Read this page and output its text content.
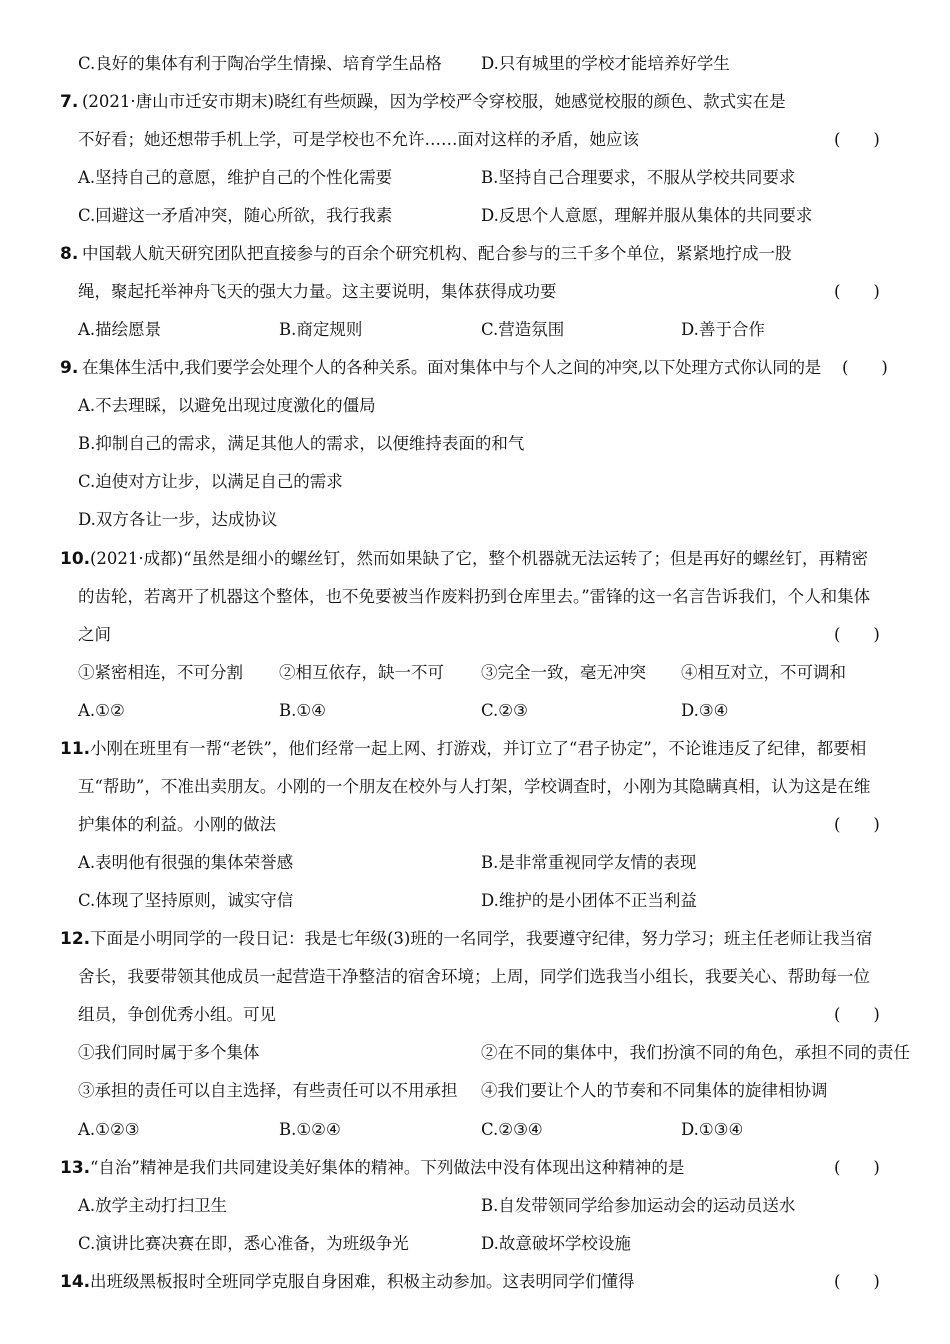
C.良好的集体有利于陶冶学生情操、培育学生品格 D.只有城里的学校才能培养好学生
7. (2021·唐山市迁安市期末)晓红有些烦躁，因为学校严令穿校服，她感觉校服的颜色、款式实在是
不好看；她还想带手机上学，可是学校也不允许……面对这样的矛盾，她应该	(　　)
A.坚持自己的意愿，维护自己的个性化需要	B.坚持自己合理要求，不服从学校共同要求
C.回避这一矛盾冲突，随心所欲，我行我素	D.反思个人意愿，理解并服从集体的共同要求
8. 中国载人航天研究团队把直接参与的百余个研究机构、配合参与的三千多个单位，紧紧地拧成一股
绳，聚起托举神舟飞天的强大力量。这主要说明，集体获得成功要	(　　)
A.描绘愿景	B.商定规则	C.营造氛围	D.善于合作
9. 在集体生活中,我们要学会处理个人的各种关系。面对集体中与个人之间的冲突,以下处理方式你认同的是 (　　)
A.不去理睬，以避免出现过度激化的僵局
B.抑制自己的需求，满足其他人的需求，以便维持表面的和气
C.迫使对方让步，以满足自己的需求
D.双方各让一步，达成协议
10. (2021·成都)“虽然是细小的螺丝钉，然而如果缺了它，整个机器就无法运转了；但是再好的螺丝钉，再精密
的齿轮，若离开了机器这个整体，也不免要被当作废料扔到仓库里去。”雷锋的这一名言告诉我们，个人和集体
之间	(　　)
①紧密相连，不可分割 ②相互依存，缺一不可 ③完全一致，毫无冲突 ④相互对立，不可调和
A.①②	B.①④	C.②③	D.③④
11. 小刚在班里有一帮“老铁”，他们经常一起上网、打游戏，并订立了“君子协定”，不论谁违反了纪律，都要相
互“帮助”，不准出卖朋友。小刚的一个朋友在校外与人打架，学校调查时，小刚为其隐瞒真相，认为这是在维
护集体的利益。小刚的做法	(　　)
A.表明他有很强的集体荣誉感	B.是非常重视同学友情的表现
C.体现了坚持原则，诚实守信	D.维护的是小团体不正当利益
12. 下面是小明同学的一段日记：我是七年级(3)班的一名同学，我要遵守纪律，努力学习；班主任老师让我当宿
舍长，我要带领其他成员一起营造干净整洁的宿舍环境；上周，同学们选我当小组长，我要关心、帮助每一位
组员，争创优秀小组。可见	(　　)
①我们同时属于多个集体	②在不同的集体中，我们扮演不同的角色，承担不同的责任
③承担的责任可以自主选择，有些责任可以不用承担 ④我们要让个人的节奏和不同集体的旋律相协调
A.①②③	B.①②④	C.②③④	D.①③④
13. “自治”精神是我们共同建设美好集体的精神。下列做法中没有体现出这种精神的是	(　　)
A.放学主动打扫卫生	B.自发带领同学给参加运动会的运动员送水
C.演讲比赛决赛在即，悉心准备，为班级争光	D.故意破坏学校设施
14. 出班级黑板报时全班同学克服自身困难，积极主动参加。这表明同学们懂得	(　　)
